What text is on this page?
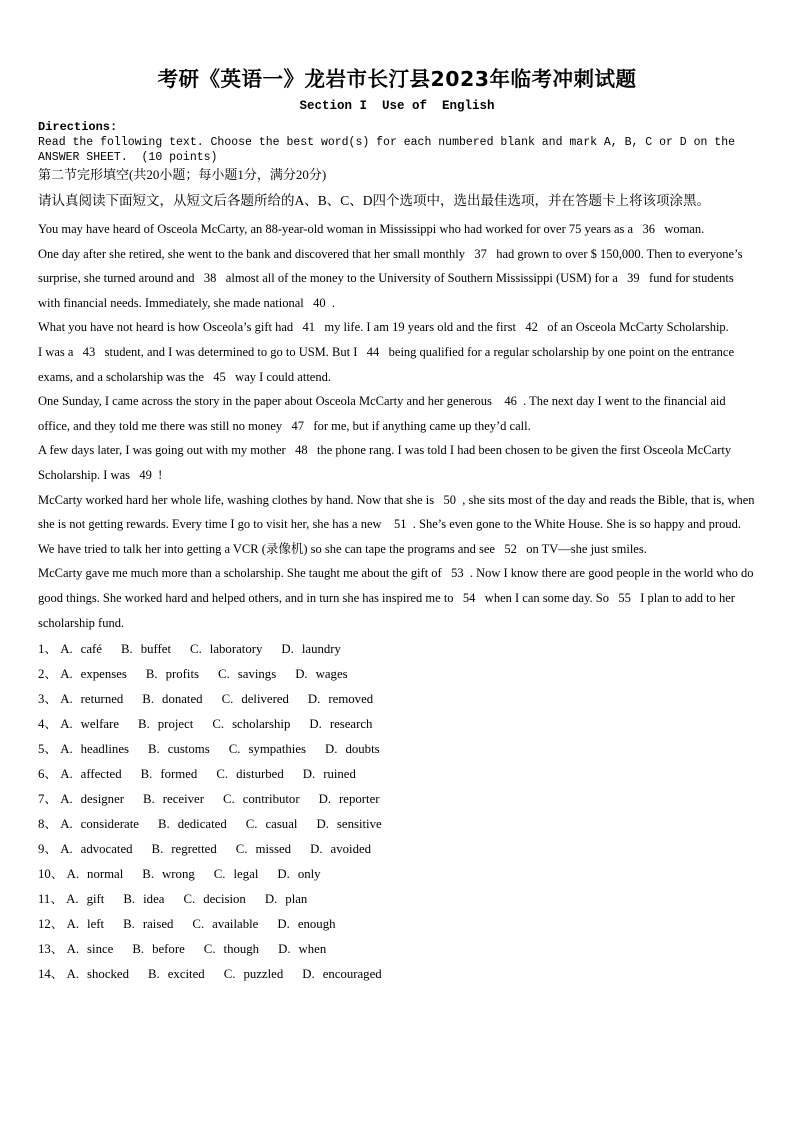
考研《英语一》龙岩市长汀县2023年临考冲刺试题
Section I  Use of  English
Directions:
Read the following text. Choose the best word(s) for each numbered blank and mark A, B, C or D on the ANSWER SHEET.  (10 points)
第二节完形填空(共20小题；每小题1分，满分20分)
请认真阅读下面短文，从短文后各题所给的A、B、C、D四个选项中，选出最佳选项，并在答题卡上将该项涂黑。

You may have heard of Osceola McCarty, an 88-year-old woman in Mississippi who had worked for over 75 years as a   36   woman.

One day after she retired, she went to the bank and discovered that her small monthly   37   had grown to over $ 150,000. Then to everyone’s surprise, she turned around and   38   almost all of the money to the University of Southern Mississippi (USM) for a   39   fund for students with financial needs. Immediately, she made national   40  .

What you have not heard is how Osceola’s gift had   41   my life. I am 19 years old and the first   42   of an Osceola McCarty Scholarship.

I was a   43   student, and I was determined to go to USM. But I   44   being qualified for a regular scholarship by one point on the entrance exams, and a scholarship was the   45   way I could attend.

One Sunday, I came across the story in the paper about Osceola McCarty and her generous    46  . The next day I went to the financial aid office, and they told me there was still no money   47   for me, but if anything came up they’d call.

A few days later, I was going out with my mother   48   the phone rang. I was told I had been chosen to be given the first Osceola McCarty Scholarship. I was   49  !

McCarty worked hard her whole life, washing clothes by hand. Now that she is   50  , she sits most of the day and reads the Bible, that is, when she is not getting rewards. Every time I go to visit her, she has a new    51  . She’s even gone to the White House. She is so happy and proud. We have tried to talk her into getting a VCR (录像机) so she can tape the programs and see   52   on TV—she just smiles.

McCarty gave me much more than a scholarship. She taught me about the gift of   53  . Now I know there are good people in the world who do good things. She worked hard and helped others, and in turn she has inspired me to   54   when I can some day. So   55   I plan to add to her scholarship fund.

1、 A. café B. buffet C. laboratory D. laundry
2、 A. expenses B. profits C. savings D. wages
3、 A. returned B. donated C. delivered D. removed
4、 A. welfare B. project C. scholarship D. research
5、 A. headlines B. customs C. sympathies D. doubts
6、 A. affected B. formed C. disturbed D. ruined
7、 A. designer B. receiver C. contributor D. reporter
8、 A. considerate B. dedicated C. casual D. sensitive
9、 A. advocated B. regretted C. missed D. avoided
10、 A. normal B. wrong C. legal D. only
11、 A. gift B. idea C. decision D. plan
12、 A. left B. raised C. available D. enough
13、 A. since B. before C. though D. when
14、 A. shocked B. excited C. puzzled D. encouraged
